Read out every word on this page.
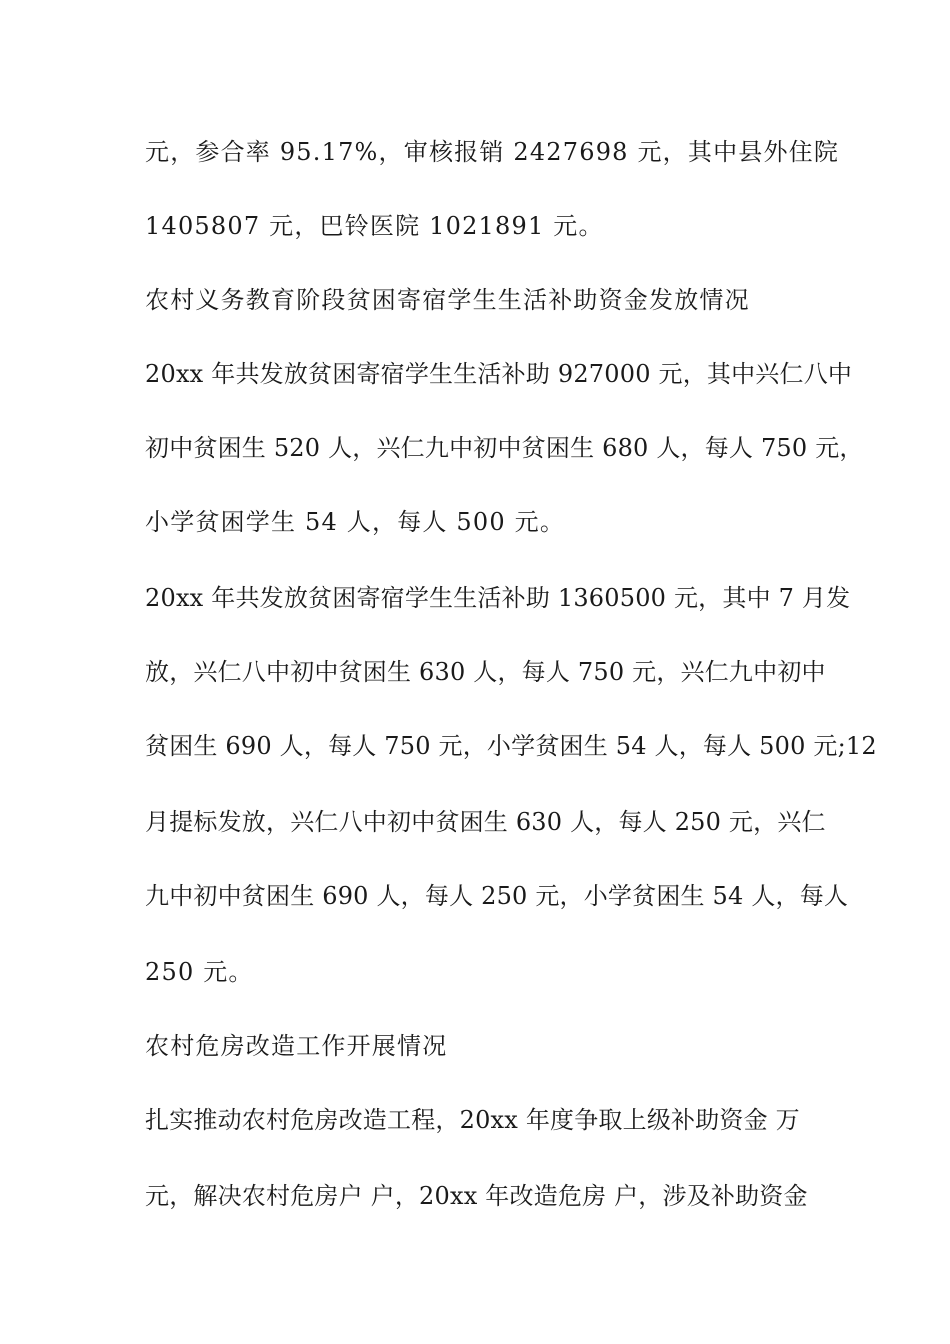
元，参合率 95.17%，审核报销 2427698 元，其中县外住院
1405807 元，巴铃医院 1021891 元。
农村义务教育阶段贫困寄宿学生生活补助资金发放情况
20xx 年共发放贫困寄宿学生生活补助 927000 元，其中兴仁八中
初中贫困生 520 人，兴仁九中初中贫困生 680 人，每人 750 元，
小学贫困学生 54 人，每人 500 元。
20xx 年共发放贫困寄宿学生生活补助 1360500 元，其中 7 月发
放，兴仁八中初中贫困生 630 人，每人 750 元，兴仁九中初中
贫困生 690 人，每人 750 元，小学贫困生 54 人，每人 500 元;12
月提标发放，兴仁八中初中贫困生 630 人，每人 250 元，兴仁
九中初中贫困生 690 人，每人 250 元，小学贫困生 54 人，每人
250 元。
农村危房改造工作开展情况
扎实推动农村危房改造工程，20xx 年度争取上级补助资金 万
元，解决农村危房户 户，20xx 年改造危房 户，涉及补助资金
